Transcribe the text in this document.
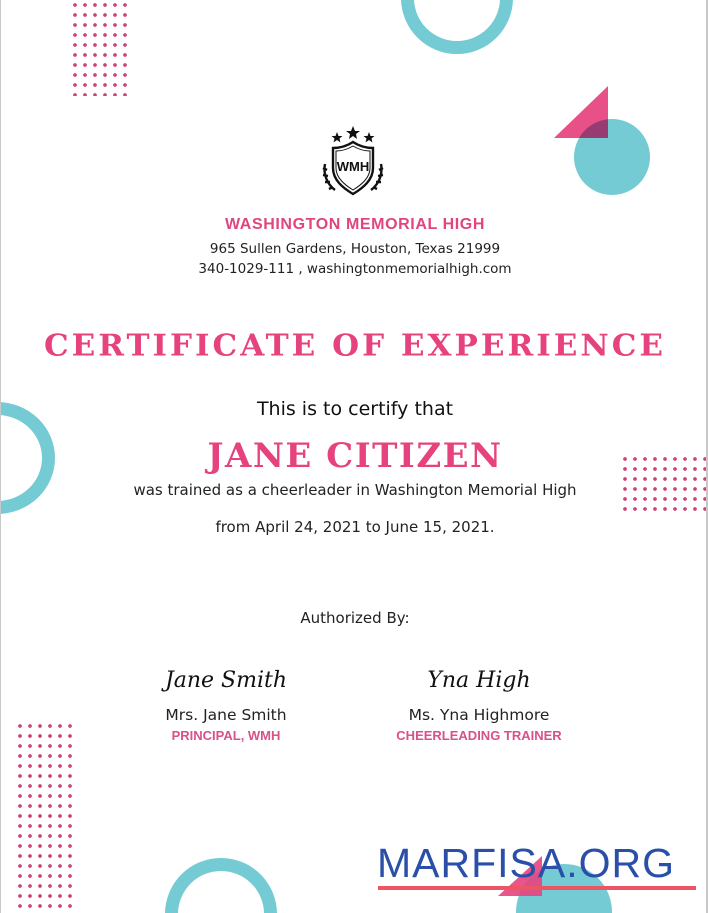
WMH
WASHINGTON MEMORIAL HIGH
965 Sullen Gardens, Houston, Texas 21999
340-1029-111 , washingtonmemorialhigh.com
CERTIFICATE OF EXPERIENCE
This is to certify that
JANE CITIZEN
was trained as a cheerleader in Washington Memorial High
from April 24, 2021 to June 15, 2021.
Authorized By:
Jane Smith
Mrs. Jane Smith
PRINCIPAL, WMH
Yna High
Ms. Yna Highmore
CHEERLEADING TRAINER
MARFISA.ORG
